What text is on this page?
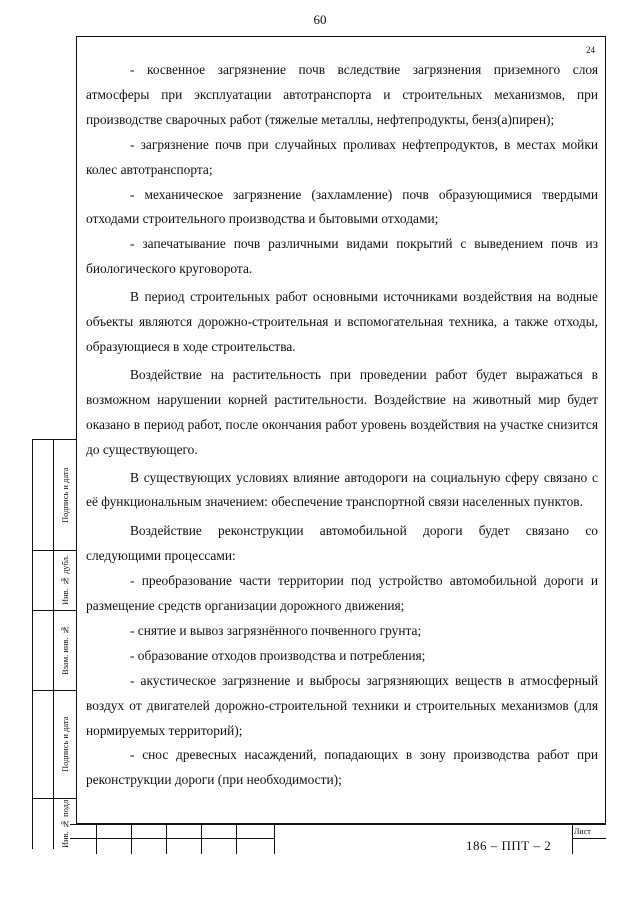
60
24

- косвенное загрязнение почв вследствие загрязнения приземного слоя атмосферы при эксплуатации автотранспорта и строительных механизмов, при производстве сварочных работ (тяжелые металлы, нефтепродукты, бенз(а)пирен);

- загрязнение почв при случайных проливах нефтепродуктов, в местах мойки колес автотранспорта;

- механическое загрязнение (захламление) почв образующимися твердыми отходами строительного производства и бытовыми отходами;

- запечатывание почв различными видами покрытий с выведением почв из биологического круговорота.

В период строительных работ основными источниками воздействия на водные объекты являются дорожно-строительная и вспомогательная техника, а также отходы, образующиеся в ходе строительства.

Воздействие на растительность при проведении работ будет выражаться в возможном нарушении корней растительности. Воздействие на животный мир будет оказано в период работ, после окончания работ уровень воздействия на участке снизится до существующего.

В существующих условиях влияние автодороги на социальную сферу связано с её функциональным значением: обеспечение транспортной связи населенных пунктов.

Воздействие реконструкции автомобильной дороги будет связано со следующими процессами:

- преобразование части территории под устройство автомобильной дороги и размещение средств организации дорожного движения;

- снятие и вывоз загрязнённого почвенного грунта;

- образование отходов производства и потребления;

- акустическое загрязнение и выбросы загрязняющих веществ в атмосферный воздух от двигателей дорожно-строительной техники и строительных механизмов (для нормируемых территорий);

- снос древесных насаждений, попадающих в зону производства работ при реконструкции дороги (при необходимости);

Подпись и дата
Инв. № дубл.
Взам. инв. №
Подпись и дата
Инв. № подл.	Лист
186 – ППТ – 2
